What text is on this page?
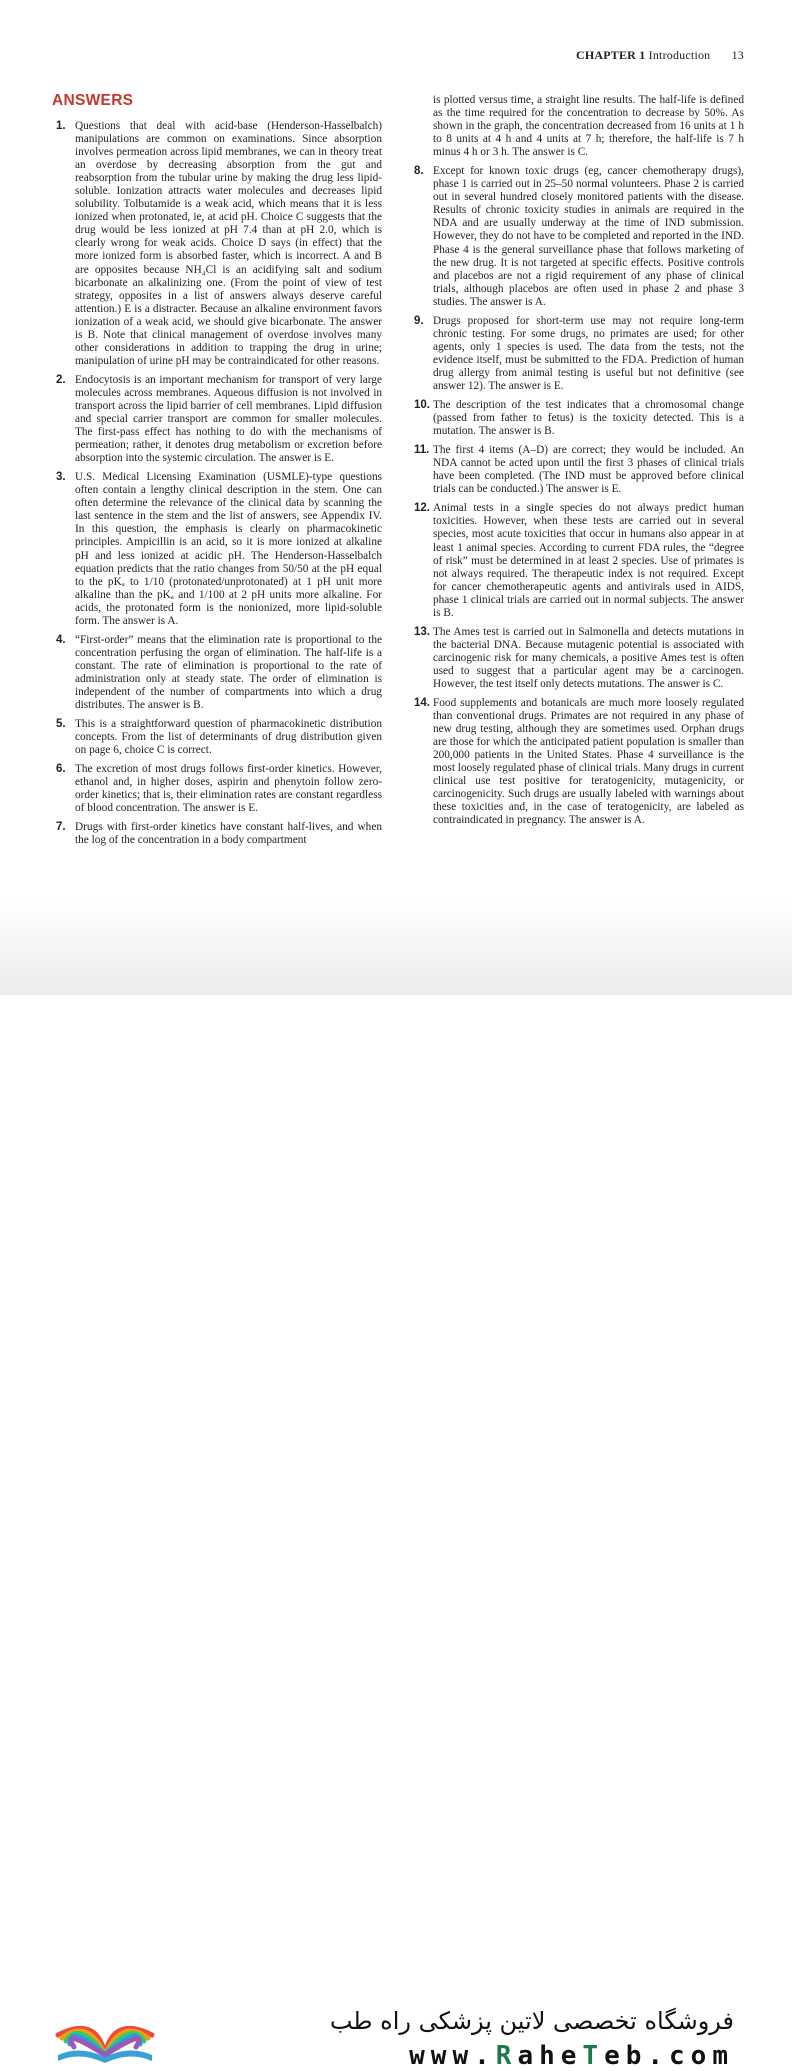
CHAPTER 1 Introduction 13
ANSWERS
1. Questions that deal with acid-base (Henderson-Hasselbalch) manipulations are common on examinations. Since absorption involves permeation across lipid membranes, we can in theory treat an overdose by decreasing absorption from the gut and reabsorption from the tubular urine by making the drug less lipid-soluble. Ionization attracts water molecules and decreases lipid solubility. Tolbutamide is a weak acid, which means that it is less ionized when protonated, ie, at acid pH. Choice C suggests that the drug would be less ionized at pH 7.4 than at pH 2.0, which is clearly wrong for weak acids. Choice D says (in effect) that the more ionized form is absorbed faster, which is incorrect. A and B are opposites because NH₄Cl is an acidifying salt and sodium bicarbonate an alkalinizing one. (From the point of view of test strategy, opposites in a list of answers always deserve careful attention.) E is a distracter. Because an alkaline environment favors ionization of a weak acid, we should give bicarbonate. The answer is B. Note that clinical management of overdose involves many other considerations in addition to trapping the drug in urine; manipulation of urine pH may be contraindicated for other reasons.
2. Endocytosis is an important mechanism for transport of very large molecules across membranes. Aqueous diffusion is not involved in transport across the lipid barrier of cell membranes. Lipid diffusion and special carrier transport are common for smaller molecules. The first-pass effect has nothing to do with the mechanisms of permeation; rather, it denotes drug metabolism or excretion before absorption into the systemic circulation. The answer is E.
3. U.S. Medical Licensing Examination (USMLE)-type questions often contain a lengthy clinical description in the stem. One can often determine the relevance of the clinical data by scanning the last sentence in the stem and the list of answers, see Appendix IV. In this question, the emphasis is clearly on pharmacokinetic principles. Ampicillin is an acid, so it is more ionized at alkaline pH and less ionized at acidic pH. The Henderson-Hasselbalch equation predicts that the ratio changes from 50/50 at the pH equal to the pKₐ to 1/10 (protonated/unprotonated) at 1 pH unit more alkaline than the pKₐ and 1/100 at 2 pH units more alkaline. For acids, the protonated form is the nonionized, more lipid-soluble form. The answer is A.
4. “First-order” means that the elimination rate is proportional to the concentration perfusing the organ of elimination. The half-life is a constant. The rate of elimination is proportional to the rate of administration only at steady state. The order of elimination is independent of the number of compartments into which a drug distributes. The answer is B.
5. This is a straightforward question of pharmacokinetic distribution concepts. From the list of determinants of drug distribution given on page 6, choice C is correct.
6. The excretion of most drugs follows first-order kinetics. However, ethanol and, in higher doses, aspirin and phenytoin follow zero-order kinetics; that is, their elimination rates are constant regardless of blood concentration. The answer is E.
7. Drugs with first-order kinetics have constant half-lives, and when the log of the concentration in a body compartment
is plotted versus time, a straight line results. The half-life is defined as the time required for the concentration to decrease by 50%. As shown in the graph, the concentration decreased from 16 units at 1 h to 8 units at 4 h and 4 units at 7 h; therefore, the half-life is 7 h minus 4 h or 3 h. The answer is C.
8. Except for known toxic drugs (eg, cancer chemotherapy drugs), phase 1 is carried out in 25–50 normal volunteers. Phase 2 is carried out in several hundred closely monitored patients with the disease. Results of chronic toxicity studies in animals are required in the NDA and are usually underway at the time of IND submission. However, they do not have to be completed and reported in the IND. Phase 4 is the general surveillance phase that follows marketing of the new drug. It is not targeted at specific effects. Positive controls and placebos are not a rigid requirement of any phase of clinical trials, although placebos are often used in phase 2 and phase 3 studies. The answer is A.
9. Drugs proposed for short-term use may not require long-term chronic testing. For some drugs, no primates are used; for other agents, only 1 species is used. The data from the tests, not the evidence itself, must be submitted to the FDA. Prediction of human drug allergy from animal testing is useful but not definitive (see answer 12). The answer is E.
10. The description of the test indicates that a chromosomal change (passed from father to fetus) is the toxicity detected. This is a mutation. The answer is B.
11. The first 4 items (A–D) are correct; they would be included. An NDA cannot be acted upon until the first 3 phases of clinical trials have been completed. (The IND must be approved before clinical trials can be conducted.) The answer is E.
12. Animal tests in a single species do not always predict human toxicities. However, when these tests are carried out in several species, most acute toxicities that occur in humans also appear in at least 1 animal species. According to current FDA rules, the “degree of risk” must be determined in at least 2 species. Use of primates is not always required. The therapeutic index is not required. Except for cancer chemotherapeutic agents and antivirals used in AIDS, phase 1 clinical trials are carried out in normal subjects. The answer is B.
13. The Ames test is carried out in Salmonella and detects mutations in the bacterial DNA. Because mutagenic potential is associated with carcinogenic risk for many chemicals, a positive Ames test is often used to suggest that a particular agent may be a carcinogen. However, the test itself only detects mutations. The answer is C.
14. Food supplements and botanicals are much more loosely regulated than conventional drugs. Primates are not required in any phase of new drug testing, although they are sometimes used. Orphan drugs are those for which the anticipated patient population is smaller than 200,000 patients in the United States. Phase 4 surveillance is the most loosely regulated phase of clinical trials. Many drugs in current clinical use test positive for teratogenicity, mutagenicity, or carcinogenicity. Such drugs are usually labeled with warnings about these toxicities and, in the case of teratogenicity, are labeled as contraindicated in pregnancy. The answer is A.
فروشگاه تخصصی لاتین پزشکی راه طب
www.RaheTeb.com
